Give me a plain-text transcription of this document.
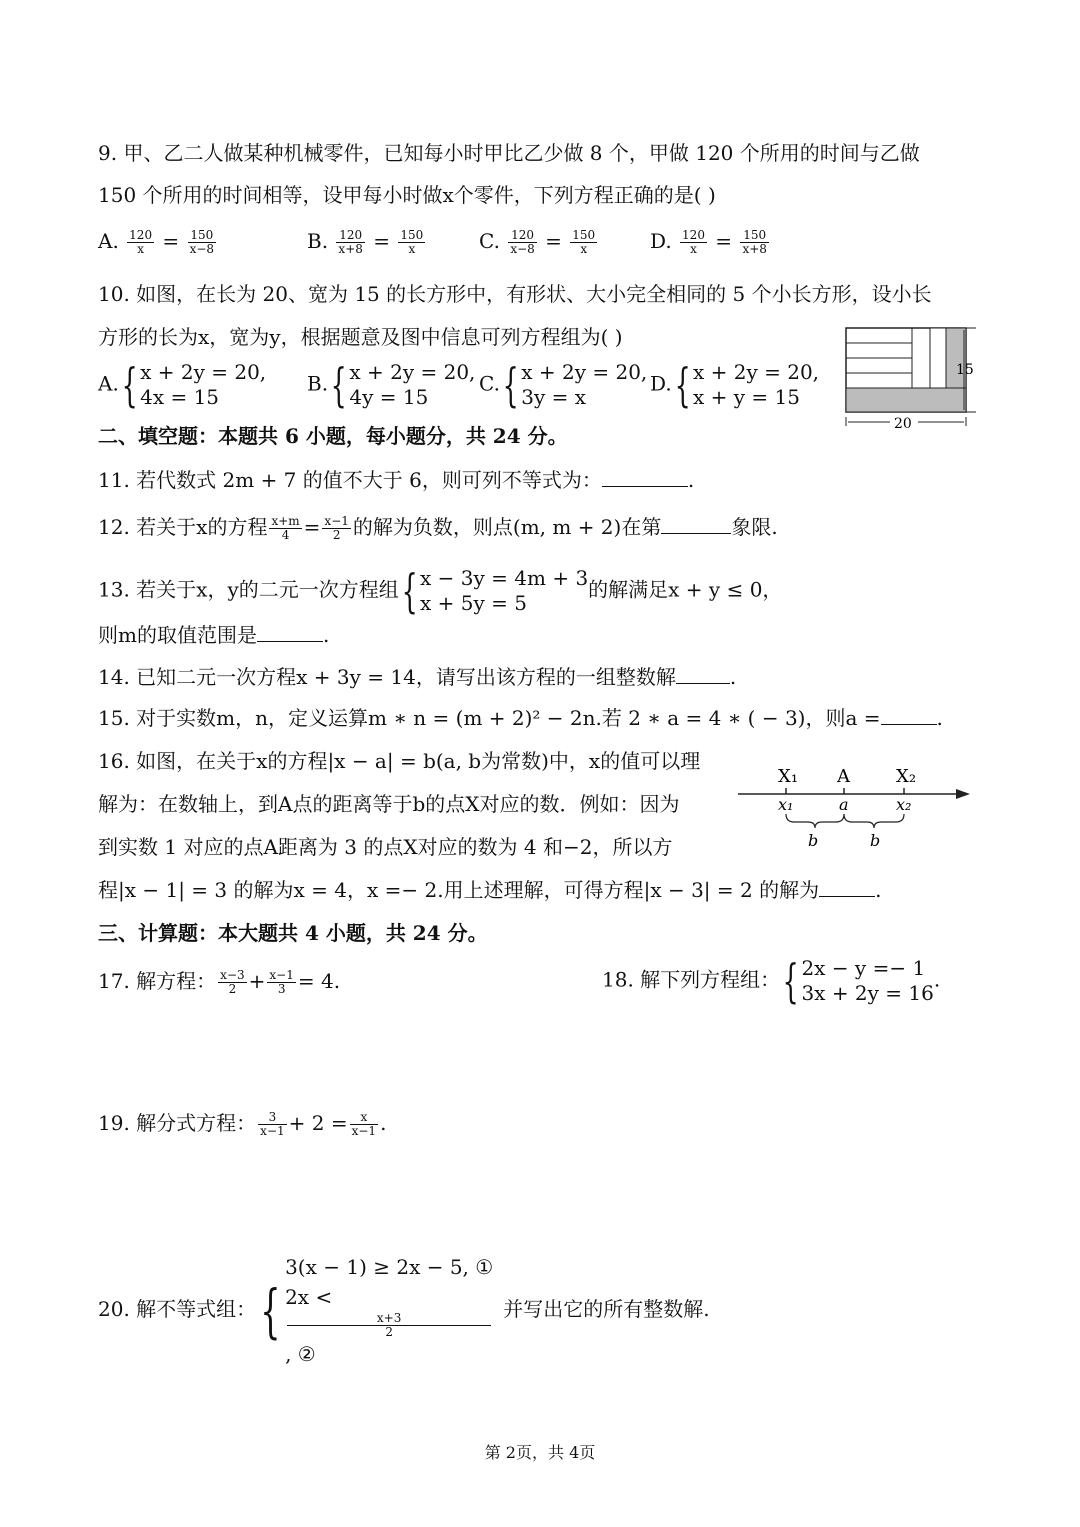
9. 甲、乙二人做某种机械零件，已知每小时甲比乙少做 8 个，甲做 120 个所用的时间与乙做
150 个所用的时间相等，设甲每小时做x个零件，下列方程正确的是( )
A. $\frac{120}{x} = \frac{150}{x-8}$	B. $\frac{120}{x+8} = \frac{150}{x}$	C. $\frac{120}{x-8} = \frac{150}{x}$	D. $\frac{120}{x} = \frac{150}{x+8}$
10. 如图，在长为 20、宽为 15 的长方形中，有形状、大小完全相同的 5 个小长方形，设小长
方形的长为x，宽为y，根据题意及图中信息可列方程组为( )
A.{ x + 2y = 20,
4x = 15
B.{ x + 2y = 20,
4y = 15
C.{ x + 2y = 20,
3y = x
D.{ x + 2y = 20,
x + y = 15
15
20
二、填空题：本题共 6 小题，每小题分，共 24 分。
11. 若代数式 2m + 7 的值不大于 6，则可列不等式为：	.
12. 若关于x的方程 $\frac{x+m}{4} = \frac{x-1}{2}$ 的解为负数，则点(m, m + 2)在第	象限.
13. 若关于x，y的二元一次方程组{ x − 3y = 4m + 3
x + 5y = 5
的解满足x + y ≤ 0，
则m的取值范围是	.
14. 已知二元一次方程x + 3y = 14，请写出该方程的一组整数解	.
15. 对于实数m，n，定义运算m ∗ n = (m + 2)² − 2n.若 2 ∗ a = 4 ∗ ( − 3)，则a =	.
16. 如图，在关于x的方程|x − a| = b(a, b为常数)中，x的值可以理
解为：在数轴上，到A点的距离等于b的点X对应的数．例如：因为
到实数 1 对应的点A距离为 3 的点X对应的数为 4 和−2，所以方
程|x − 1| = 3 的解为x = 4，x =− 2.用上述理解，可得方程|x − 3| = 2 的解为	.
X₁ A	X₂
x₁	a	x₂
b	b
三、计算题：本大题共 4 小题，共 24 分。
17. 解方程： $\frac{x-3}{2} + \frac{x-1}{3} = 4$.	18. 解下列方程组：{ 2x − y =− 1
3x + 2y = 16
.
19. 解分式方程： $\frac{3}{x-1} + 2 = \frac{x}{x-1}$ .
20. 解不等式组：{
3(x − 1) ≥ 2x − 5, ①
2x <
x+3
2
, ②
并写出它的所有整数解.
第 2页，共 4页
